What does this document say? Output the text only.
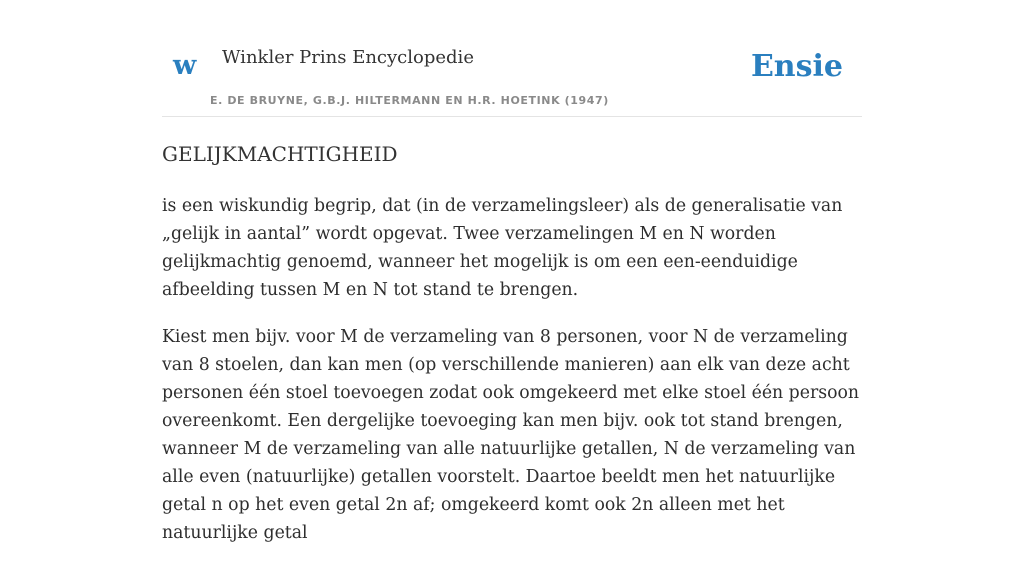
w Winkler Prins Encyclopedie
E. DE BRUYNE, G.B.J. HILTERMANN EN H.R. HOETINK (1947)
Ensie
GELIJKMACHTIGHEID

is een wiskundig begrip, dat (in de verzamelingsleer) als de generalisatie van „gelijk in aantal” wordt opgevat. Twee verzamelingen M en N worden gelijkmachtig genoemd, wanneer het mogelijk is om een een-eenduidige afbeelding tussen M en N tot stand te brengen.

Kiest men bijv. voor M de verzameling van 8 personen, voor N de verzameling van 8 stoelen, dan kan men (op verschillende manieren) aan elk van deze acht personen één stoel toevoegen zodat ook omgekeerd met elke stoel één persoon overeenkomt. Een dergelijke toevoeging kan men bijv. ook tot stand brengen, wanneer M de verzameling van alle natuurlijke getallen, N de verzameling van alle even (natuurlijke) getallen voorstelt. Daartoe beeldt men het natuurlijke getal n op het even getal 2n af; omgekeerd komt ook 2n alleen met het natuurlijke getal
